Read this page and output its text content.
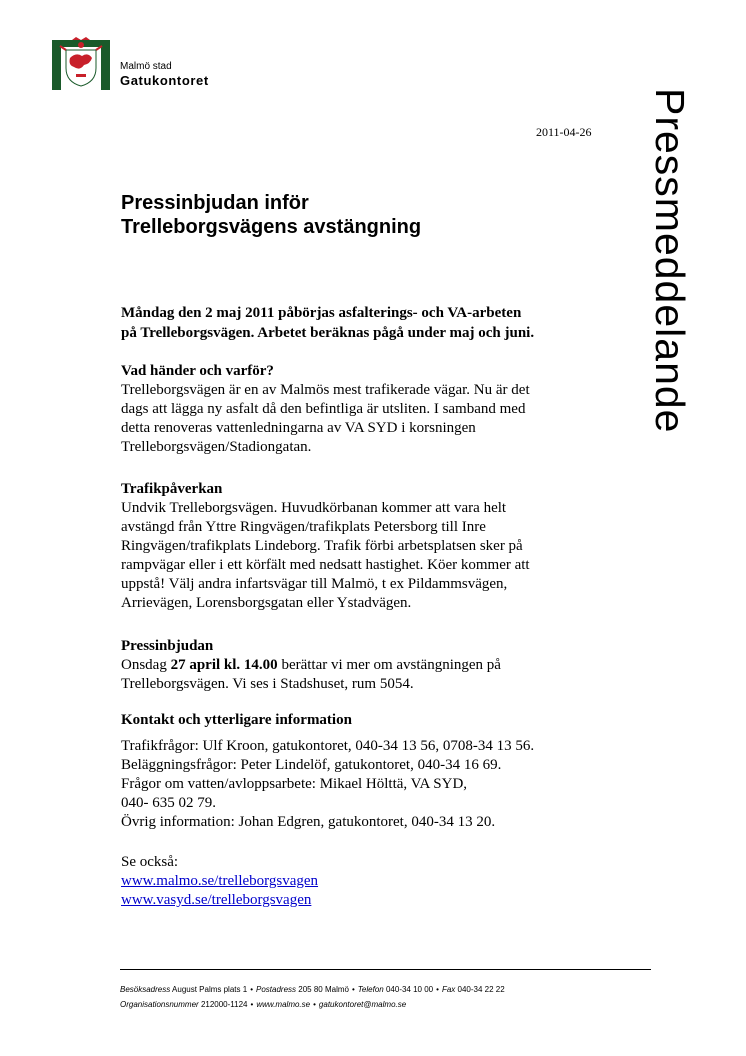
Malmö stad
Gatukontoret
Pressmeddelande
2011-04-26
Pressinbjudan inför
Trelleborgsvägens avstängning

Måndag den 2 maj 2011 påbörjas asfalterings- och VA-arbeten
på Trelleborgsvägen. Arbetet beräknas pågå under maj och juni.

Vad händer och varför?
Trelleborgsvägen är en av Malmös mest trafikerade vägar. Nu är det
dags att lägga ny asfalt då den befintliga är utsliten. I samband med
detta renoveras vattenledningarna av VA SYD i korsningen
Trelleborgsvägen/Stadiongatan.
Trafikpåverkan
Undvik Trelleborgsvägen. Huvudkörbanan kommer att vara helt
avstängd från Yttre Ringvägen/trafikplats Petersborg till Inre
Ringvägen/trafikplats Lindeborg. Trafik förbi arbetsplatsen sker på
rampvägar eller i ett körfält med nedsatt hastighet. Köer kommer att
uppstå! Välj andra infartsvägar till Malmö, t ex Pildammsvägen,
Arrievägen, Lorensborgsgatan eller Ystadvägen.
Pressinbjudan
Onsdag 27 april kl. 14.00 berättar vi mer om avstängningen på
Trelleborgsvägen. Vi ses i Stadshuset, rum 5054.
Kontakt och ytterligare information
Trafikfrågor: Ulf Kroon, gatukontoret, 040-34 13 56, 0708-34 13 56.
Beläggningsfrågor: Peter Lindelöf, gatukontoret, 040-34 16 69.
Frågor om vatten/avloppsarbete: Mikael Hölttä, VA SYD,
040- 635 02 79.
Övrig information: Johan Edgren, gatukontoret, 040-34 13 20.
Se också:
www.malmo.se/trelleborgsvagen
www.vasyd.se/trelleborgsvagen
Besöksadress August Palms plats 1 • Postadress 205 80 Malmö • Telefon 040-34 10 00 • Fax 040-34 22 22
Organisationsnummer 212000-1124 • www.malmo.se • gatukontoret@malmo.se
